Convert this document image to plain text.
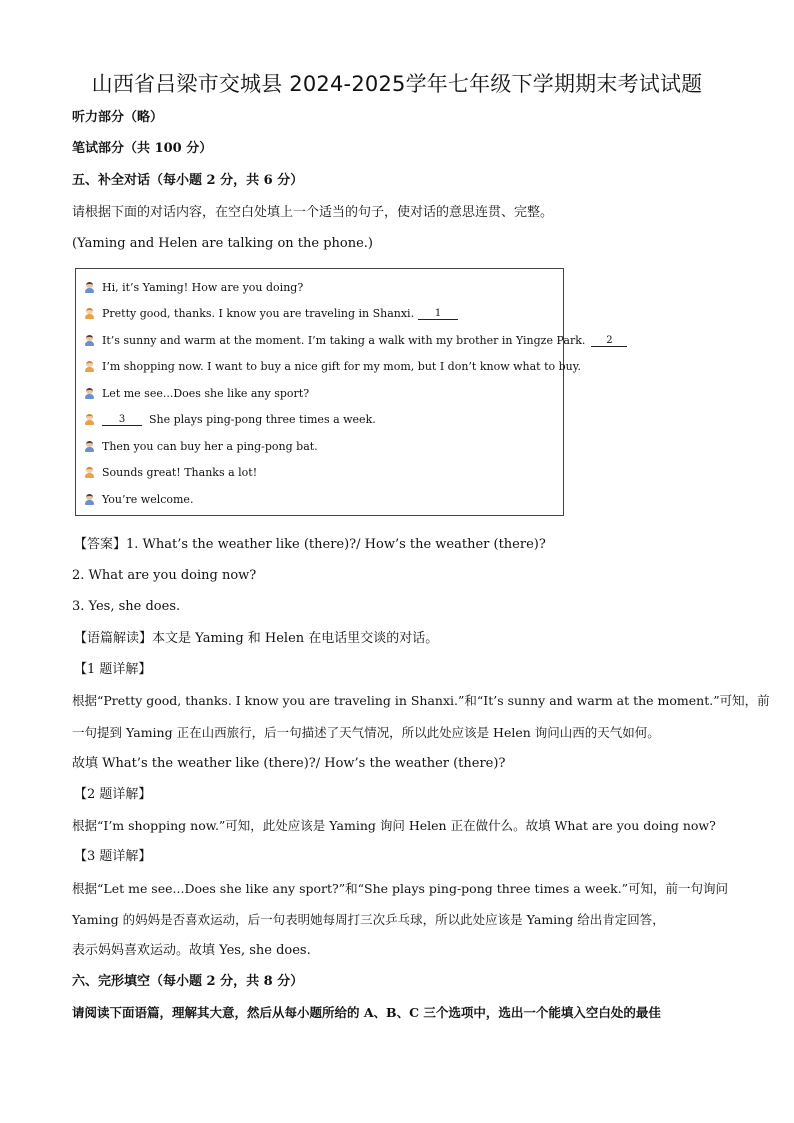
山西省吕梁市交城县 2024-2025学年七年级下学期期末考试试题
听力部分（略）
笔试部分（共 100 分）
五、补全对话（每小题 2 分，共 6 分）
请根据下面的对话内容，在空白处填上一个适当的句子，使对话的意思连贯、完整。
(Yaming and Helen are talking on the phone.)
Hi, it’s Yaming! How are you doing?
Pretty good, thanks. I know you are traveling in Shanxi.	1
It’s sunny and warm at the moment. I’m taking a walk with my brother in Yingze Park.	2
I’m shopping now. I want to buy a nice gift for my mom, but I don’t know what to buy.
Let me see...Does she like any sport?
3	She plays ping-pong three times a week.
Then you can buy her a ping-pong bat.
Sounds great! Thanks a lot!
You’re welcome.
【答案】1. What’s the weather like (there)?/ How’s the weather (there)?
2. What are you doing now?
3. Yes, she does.
【语篇解读】本文是 Yaming 和 Helen 在电话里交谈的对话。
【1 题详解】
根据“Pretty good, thanks. I know you are traveling in Shanxi.”和“It’s sunny and warm at the moment.”可知，前
一句提到 Yaming 正在山西旅行，后一句描述了天气情况，所以此处应该是 Helen 询问山西的天气如何。
故填 What’s the weather like (there)?/ How’s the weather (there)?
【2 题详解】
根据“I’m shopping now.”可知，此处应该是 Yaming 询问 Helen 正在做什么。故填 What are you doing now?
【3 题详解】
根据“Let me see...Does she like any sport?”和“She plays ping-pong three times a week.”可知，前一句询问
Yaming 的妈妈是否喜欢运动，后一句表明她每周打三次乒乓球，所以此处应该是 Yaming 给出肯定回答，
表示妈妈喜欢运动。故填 Yes, she does.
六、完形填空（每小题 2 分，共 8 分）
请阅读下面语篇，理解其大意，然后从每小题所给的 A、B、C 三个选项中，选出一个能填入空白处的最佳
